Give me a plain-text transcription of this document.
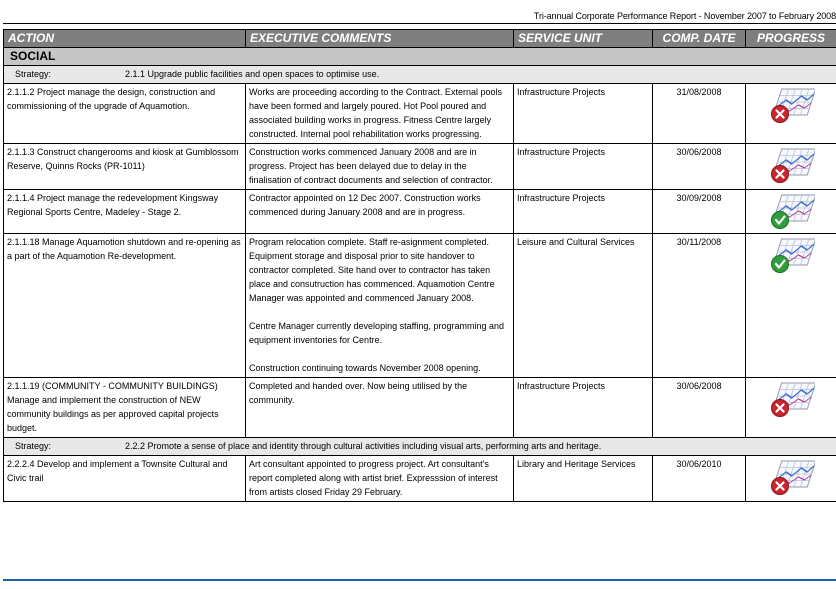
Tri-annual Corporate Performance Report - November 2007 to February 2008
ACTION	EXECUTIVE COMMENTS	SERVICE UNIT	COMP. DATE	PROGRESS
SOCIAL				
Strategy: 2.1.1 Upgrade public facilities and open spaces to optimise use.				

2.1.1.2 Project manage the design, construction and commissioning of the upgrade of Aquamotion.	Works are proceeding according to the Contract. External pools have been formed and largely poured. Hot Pool poured and associated building works in progress. Fitness Centre largely constructed. Internal pool rehabilitation works progressing.	Infrastructure Projects	31/08/2008	

2.1.1.3 Construct changerooms and kiosk at Gumblossom Reserve, Quinns Rocks (PR-1011)	Construction works commenced January 2008 and are in progress. Project has been delayed due to delay in the finalisation of contract documents and selection of contractor.	Infrastructure Projects	30/06/2008	

2.1.1.4 Project manage the redevelopment Kingsway Regional Sports Centre, Madeley - Stage 2.	Contractor appointed on 12 Dec 2007. Construction works commenced during January 2008 and are in progress.	Infrastructure Projects	30/09/2008	

2.1.1.18 Manage Aquamotion shutdown and re-opening as a part of the Aquamotion Re-development.	Program relocation complete. Staff re-asignment completed. Equipment storage and disposal prior to site handover to contractor completed. Site hand over to contractor has taken place and consutruction has commenced. Aquamotion Centre Manager was appointed and commenced January 2008.

Centre Manager currently developing staffing, programming and equipment inventories for Centre.

Construction continuing towards November 2008 opening.	Leisure and Cultural Services	30/11/2008	

2.1.1.19 (COMMUNITY - COMMUNITY BUILDINGS)
Manage and implement the construction of NEW community buildings as per approved capital projects budget.	Completed and handed over. Now being utilised by the community.	Infrastructure Projects	30/06/2008	

Strategy: 2.2.2 Promote a sense of place and identity through cultural activities including visual arts, performing arts and heritage.				

2.2.2.4 Develop and implement a Townsite Cultural and Civic trail	Art consultant appointed to progress project. Art consultant's report completed along with artist brief. Expresssion of interest from artists closed Friday 29 February.	Library and Heritage Services	30/06/2010	
